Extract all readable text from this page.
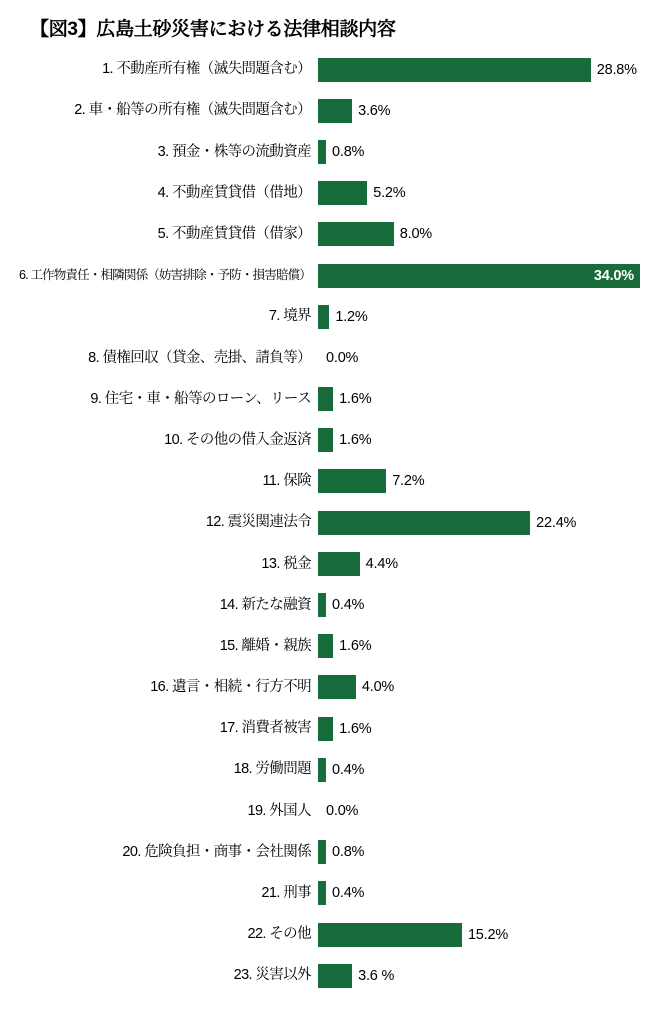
【図3】広島土砂災害における法律相談内容
1. 不動産所有権（滅失問題含む）	28.8%
2. 車・船等の所有権（滅失問題含む）	3.6%
3. 預金・株等の流動資産	0.8%
4. 不動産賃貸借（借地）	5.2%
5. 不動産賃貸借（借家）	8.0%
6. 工作物責任・相隣関係（妨害排除・予防・損害賠償）	34.0%
7. 境界	1.2%
8. 債権回収（貸金、売掛、請負等）	0.0%
9. 住宅・車・船等のローン、リース	1.6%
10. その他の借入金返済	1.6%
11. 保険	7.2%
12. 震災関連法令	22.4%
13. 税金	4.4%
14. 新たな融資	0.4%
15. 離婚・親族	1.6%
16. 遺言・相続・行方不明	4.0%
17. 消費者被害	1.6%
18. 労働問題	0.4%
19. 外国人	0.0%
20. 危険負担・商事・会社関係	0.8%
21. 刑事	0.4%
22. その他	15.2%
23. 災害以外	3.6 %
